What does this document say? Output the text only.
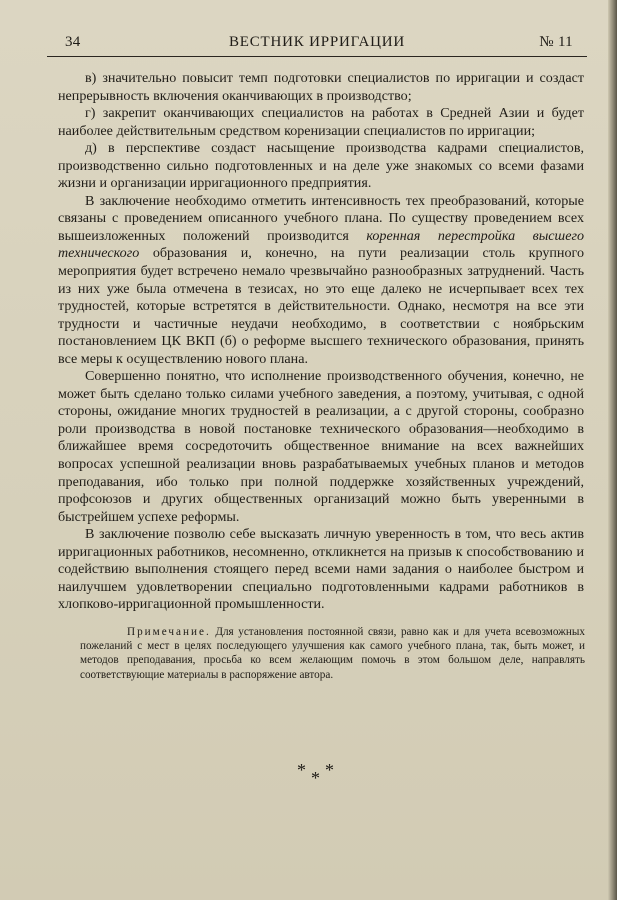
34	ВЕСТНИК ИРРИГАЦИИ	№ 11

в) значительно повысит темп подготовки специалистов по ирригации и создаст непрерывность включения оканчивающих в производство;

г) закрепит оканчивающих специалистов на работах в Средней Азии и будет наиболее действительным средством коренизации специалистов по ирригации;

д) в перспективе создаст насыщение производства кадрами специалистов, производственно сильно подготовленных и на деле уже знакомых со всеми фазами жизни и организации ирригационного предприятия.

В заключение необходимо отметить интенсивность тех преобразований, которые связаны с проведением описанного учебного плана. По существу проведением всех вышеизложенных положений производится коренная перестройка высшего технического образования и, конечно, на пути реализации столь крупного мероприятия будет встречено немало чрезвычайно разнообразных затруднений. Часть из них уже была отмечена в тезисах, но это еще далеко не исчерпывает всех тех трудностей, которые встретятся в действительности. Однако, несмотря на все эти трудности и частичные неудачи необходимо, в соответствии с ноябрьским постановлением ЦК ВКП (б) о реформе высшего технического образования, принять все меры к осуществлению нового плана.

Совершенно понятно, что исполнение производственного обучения, конечно, не может быть сделано только силами учебного заведения, а поэтому, учитывая, с одной стороны, ожидание многих трудностей в реализации, а с другой стороны, сообразно роли производства в новой постановке технического образования—необходимо в ближайшее время сосредоточить общественное внимание на всех важнейших вопросах успешной реализации вновь разрабатываемых учебных планов и методов преподавания, ибо только при полной поддержке хозяйственных учреждений, профсоюзов и других общественных организаций можно быть уверенными в быстрейшем успехе реформы.

В заключение позволю себе высказать личную уверенность в том, что весь актив ирригационных работников, несомненно, откликнется на призыв к способствованию и содействию выполнения стоящего перед всеми нами задания о наиболее быстром и наилучшем удовлетворении специально подготовленными кадрами работников в хлопково-ирригационной промышленности.

Примечание. Для установления постоянной связи, равно как и для учета всевозможных пожеланий с мест в целях последующего улучшения как самого учебного плана, так, быть может, и методов преподавания, просьба ко всем желающим помочь в этом большом деле, направлять соответствующие материалы в распоряжение автора.

* * *
